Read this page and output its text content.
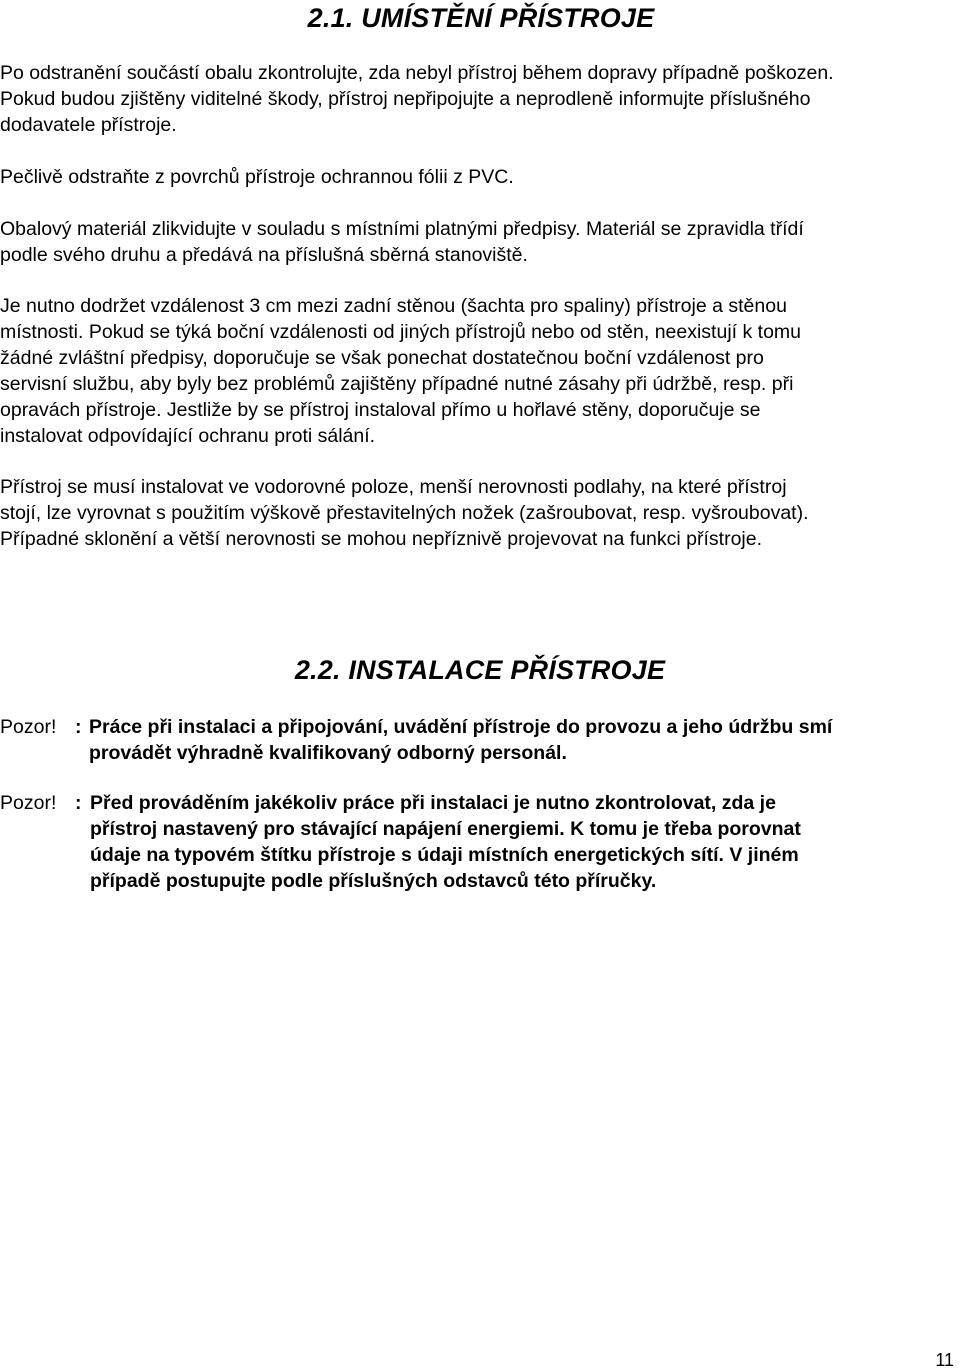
2.1. UMÍSTĚNÍ PŘÍSTROJE

Po odstranění součástí obalu zkontrolujte, zda nebyl přístroj během dopravy případně poškozen.
Pokud budou zjištěny viditelné škody, přístroj nepřipojujte a neprodleně informujte příslušného
dodavatele přístroje.

Pečlivě odstraňte z povrchů přístroje ochrannou fólii z PVC.

Obalový materiál zlikvidujte v souladu s místními platnými předpisy. Materiál se zpravidla třídí
podle svého druhu a předává na příslušná sběrná stanoviště.

Je nutno dodržet vzdálenost 3 cm mezi zadní stěnou (šachta pro spaliny) přístroje a stěnou
místnosti. Pokud se týká boční vzdálenosti od jiných přístrojů nebo od stěn, neexistují k tomu
žádné zvláštní předpisy, doporučuje se však ponechat dostatečnou boční vzdálenost pro
servisní službu, aby byly bez problémů zajištěny případné nutné zásahy při údržbě, resp. při
opravách přístroje. Jestliže by se přístroj instaloval přímo u hořlavé stěny, doporučuje se
instalovat odpovídající ochranu proti sálání.

Přístroj se musí instalovat ve vodorovné poloze, menší nerovnosti podlahy, na které přístroj
stojí, lze vyrovnat s použitím výškově přestavitelných nožek (zašroubovat, resp. vyšroubovat).
Případné sklonění a větší nerovnosti se mohou nepříznivě projevovat na funkci přístroje.

2.2. INSTALACE PŘÍSTROJE
Pozor! : Práce při instalaci a připojování, uvádění přístroje do provozu a jeho údržbu smí
provádět výhradně kvalifikovaný odborný personál.
Pozor! : Před prováděním jakékoliv práce při instalaci je nutno zkontrolovat, zda je
přístroj nastavený pro stávající napájení energiemi. K tomu je třeba porovnat
údaje na typovém štítku přístroje s údaji místních energetických sítí. V jiném
případě postupujte podle příslušných odstavců této příručky.
11
